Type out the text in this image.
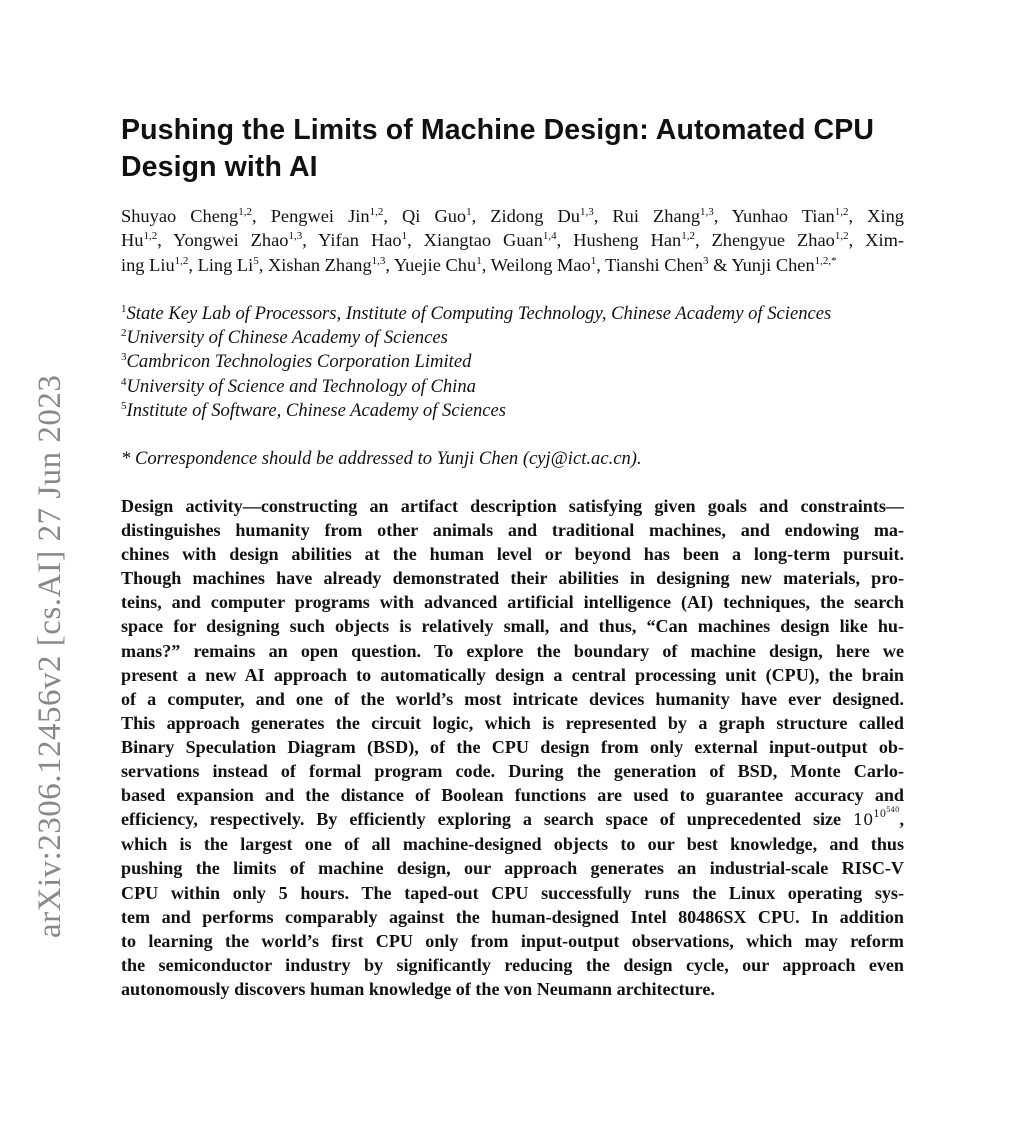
arXiv:2306.12456v2 [cs.AI] 27 Jun 2023
Pushing the Limits of Machine Design: Automated CPU Design with AI
Shuyao Cheng$^{1,2}$, Pengwei Jin$^{1,2}$, Qi Guo$^1$, Zidong Du$^{1,3}$, Rui Zhang$^{1,3}$, Yunhao Tian$^{1,2}$, Xing
Hu$^{1,2}$, Yongwei Zhao$^{1,3}$, Yifan Hao$^1$, Xiangtao Guan$^{1,4}$, Husheng Han$^{1,2}$, Zhengyue Zhao$^{1,2}$, Xim-
ing Liu$^{1,2}$, Ling Li$^5$, Xishan Zhang$^{1,3}$, Yuejie Chu$^1$, Weilong Mao$^1$, Tianshi Chen$^3$ & Yunji Chen$^{1,2,*}$
$^1$State Key Lab of Processors, Institute of Computing Technology, Chinese Academy of Sciences
$^2$University of Chinese Academy of Sciences
$^3$Cambricon Technologies Corporation Limited
$^4$University of Science and Technology of China
$^5$Institute of Software, Chinese Academy of Sciences

* Correspondence should be addressed to Yunji Chen (cyj@ict.ac.cn).

Design activity—constructing an artifact description satisfying given goals and constraints—
distinguishes humanity from other animals and traditional machines, and endowing ma-
chines with design abilities at the human level or beyond has been a long-term pursuit.
Though machines have already demonstrated their abilities in designing new materials, pro-
teins, and computer programs with advanced artificial intelligence (AI) techniques, the search
space for designing such objects is relatively small, and thus, “Can machines design like hu-
mans?” remains an open question. To explore the boundary of machine design, here we
present a new AI approach to automatically design a central processing unit (CPU), the brain
of a computer, and one of the world’s most intricate devices humanity have ever designed.
This approach generates the circuit logic, which is represented by a graph structure called
Binary Speculation Diagram (BSD), of the CPU design from only external input-output ob-
servations instead of formal program code. During the generation of BSD, Monte Carlo-
based expansion and the distance of Boolean functions are used to guarantee accuracy and
efficiency, respectively. By efficiently exploring a search space of unprecedented size $10^{10^{540}}$,
which is the largest one of all machine-designed objects to our best knowledge, and thus
pushing the limits of machine design, our approach generates an industrial-scale RISC-V
CPU within only 5 hours. The taped-out CPU successfully runs the Linux operating sys-
tem and performs comparably against the human-designed Intel 80486SX CPU. In addition
to learning the world’s first CPU only from input-output observations, which may reform
the semiconductor industry by significantly reducing the design cycle, our approach even
autonomously discovers human knowledge of the von Neumann architecture.
